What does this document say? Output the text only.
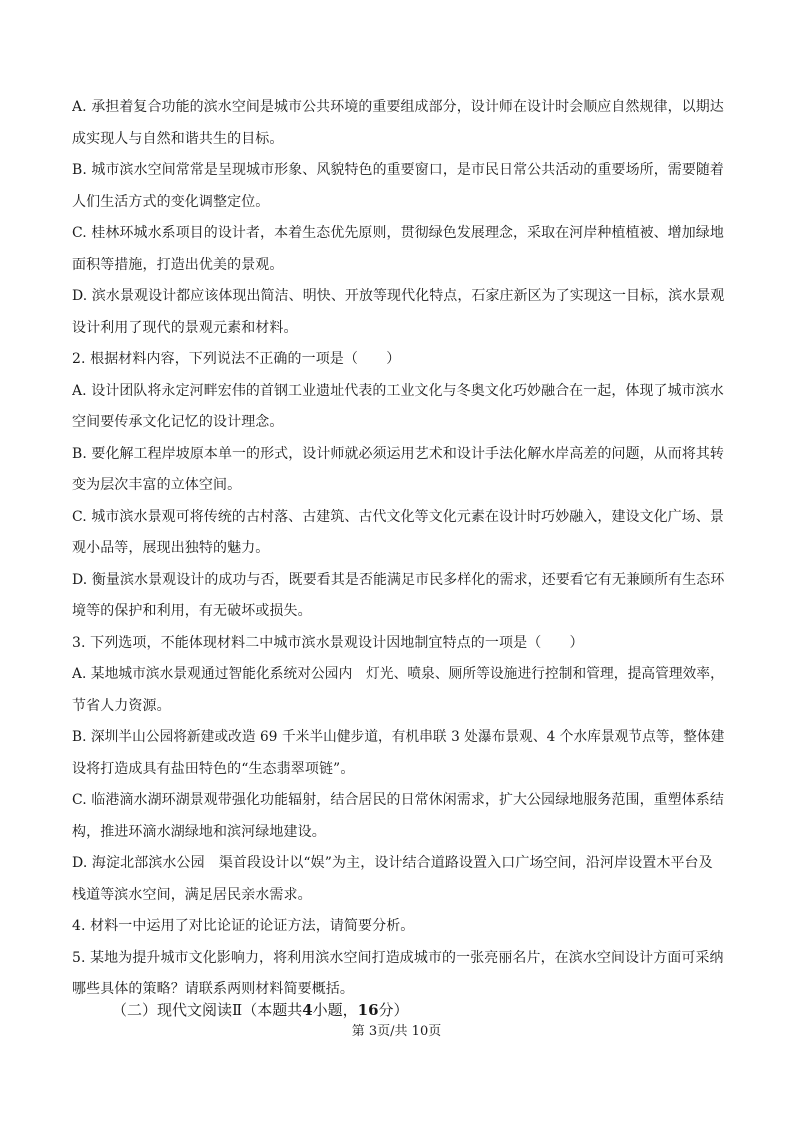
A. 承担着复合功能的滨水空间是城市公共环境的重要组成部分，设计师在设计时会顺应自然规律，以期达
成实现人与自然和谐共生的目标。
B. 城市滨水空间常常是呈现城市形象、风貌特色的重要窗口，是市民日常公共活动的重要场所，需要随着
人们生活方式的变化调整定位。
C. 桂林环城水系项目的设计者，本着生态优先原则，贯彻绿色发展理念，采取在河岸种植植被、增加绿地
面积等措施，打造出优美的景观。
D. 滨水景观设计都应该体现出简洁、明快、开放等现代化特点，石家庄新区为了实现这一目标，滨水景观
设计利用了现代的景观元素和材料。
2. 根据材料内容，下列说法不正确的一项是（　　）
A. 设计团队将永定河畔宏伟的首钢工业遗址代表的工业文化与冬奥文化巧妙融合在一起，体现了城市滨水
空间要传承文化记忆的设计理念。
B. 要化解工程岸坡原本单一的形式，设计师就必须运用艺术和设计手法化解水岸高差的问题，从而将其转
变为层次丰富的立体空间。
C. 城市滨水景观可将传统的古村落、古建筑、古代文化等文化元素在设计时巧妙融入，建设文化广场、景
观小品等，展现出独特的魅力。
D. 衡量滨水景观设计的成功与否，既要看其是否能满足市民多样化的需求，还要看它有无兼顾所有生态环
境等的保护和利用，有无破坏或损失。
3. 下列选项，不能体现材料二中城市滨水景观设计因地制宜特点的一项是（　　）
A. 某地城市滨水景观通过智能化系统对公园内　灯光、喷泉、厕所等设施进行控制和管理，提高管理效率，
节省人力资源。
B. 深圳半山公园将新建或改造 69 千米半山健步道，有机串联 3 处瀑布景观、4 个水库景观节点等，整体建
设将打造成具有盐田特色的“生态翡翠项链”。
C. 临港滴水湖环湖景观带强化功能辐射，结合居民的日常休闲需求，扩大公园绿地服务范围，重塑体系结
构，推进环滴水湖绿地和滨河绿地建设。
D. 海淀北部滨水公园　渠首段设计以“娱”为主，设计结合道路设置入口广场空间，沿河岸设置木平台及
栈道等滨水空间，满足居民亲水需求。
4. 材料一中运用了对比论证的论证方法，请简要分析。
5. 某地为提升城市文化影响力，将利用滨水空间打造成城市的一张亮丽名片，在滨水空间设计方面可采纳
哪些具体的策略？请联系两则材料简要概括。
（二）现代文阅读Ⅱ（本题共4小题，16分）
第 3页/共 10页
